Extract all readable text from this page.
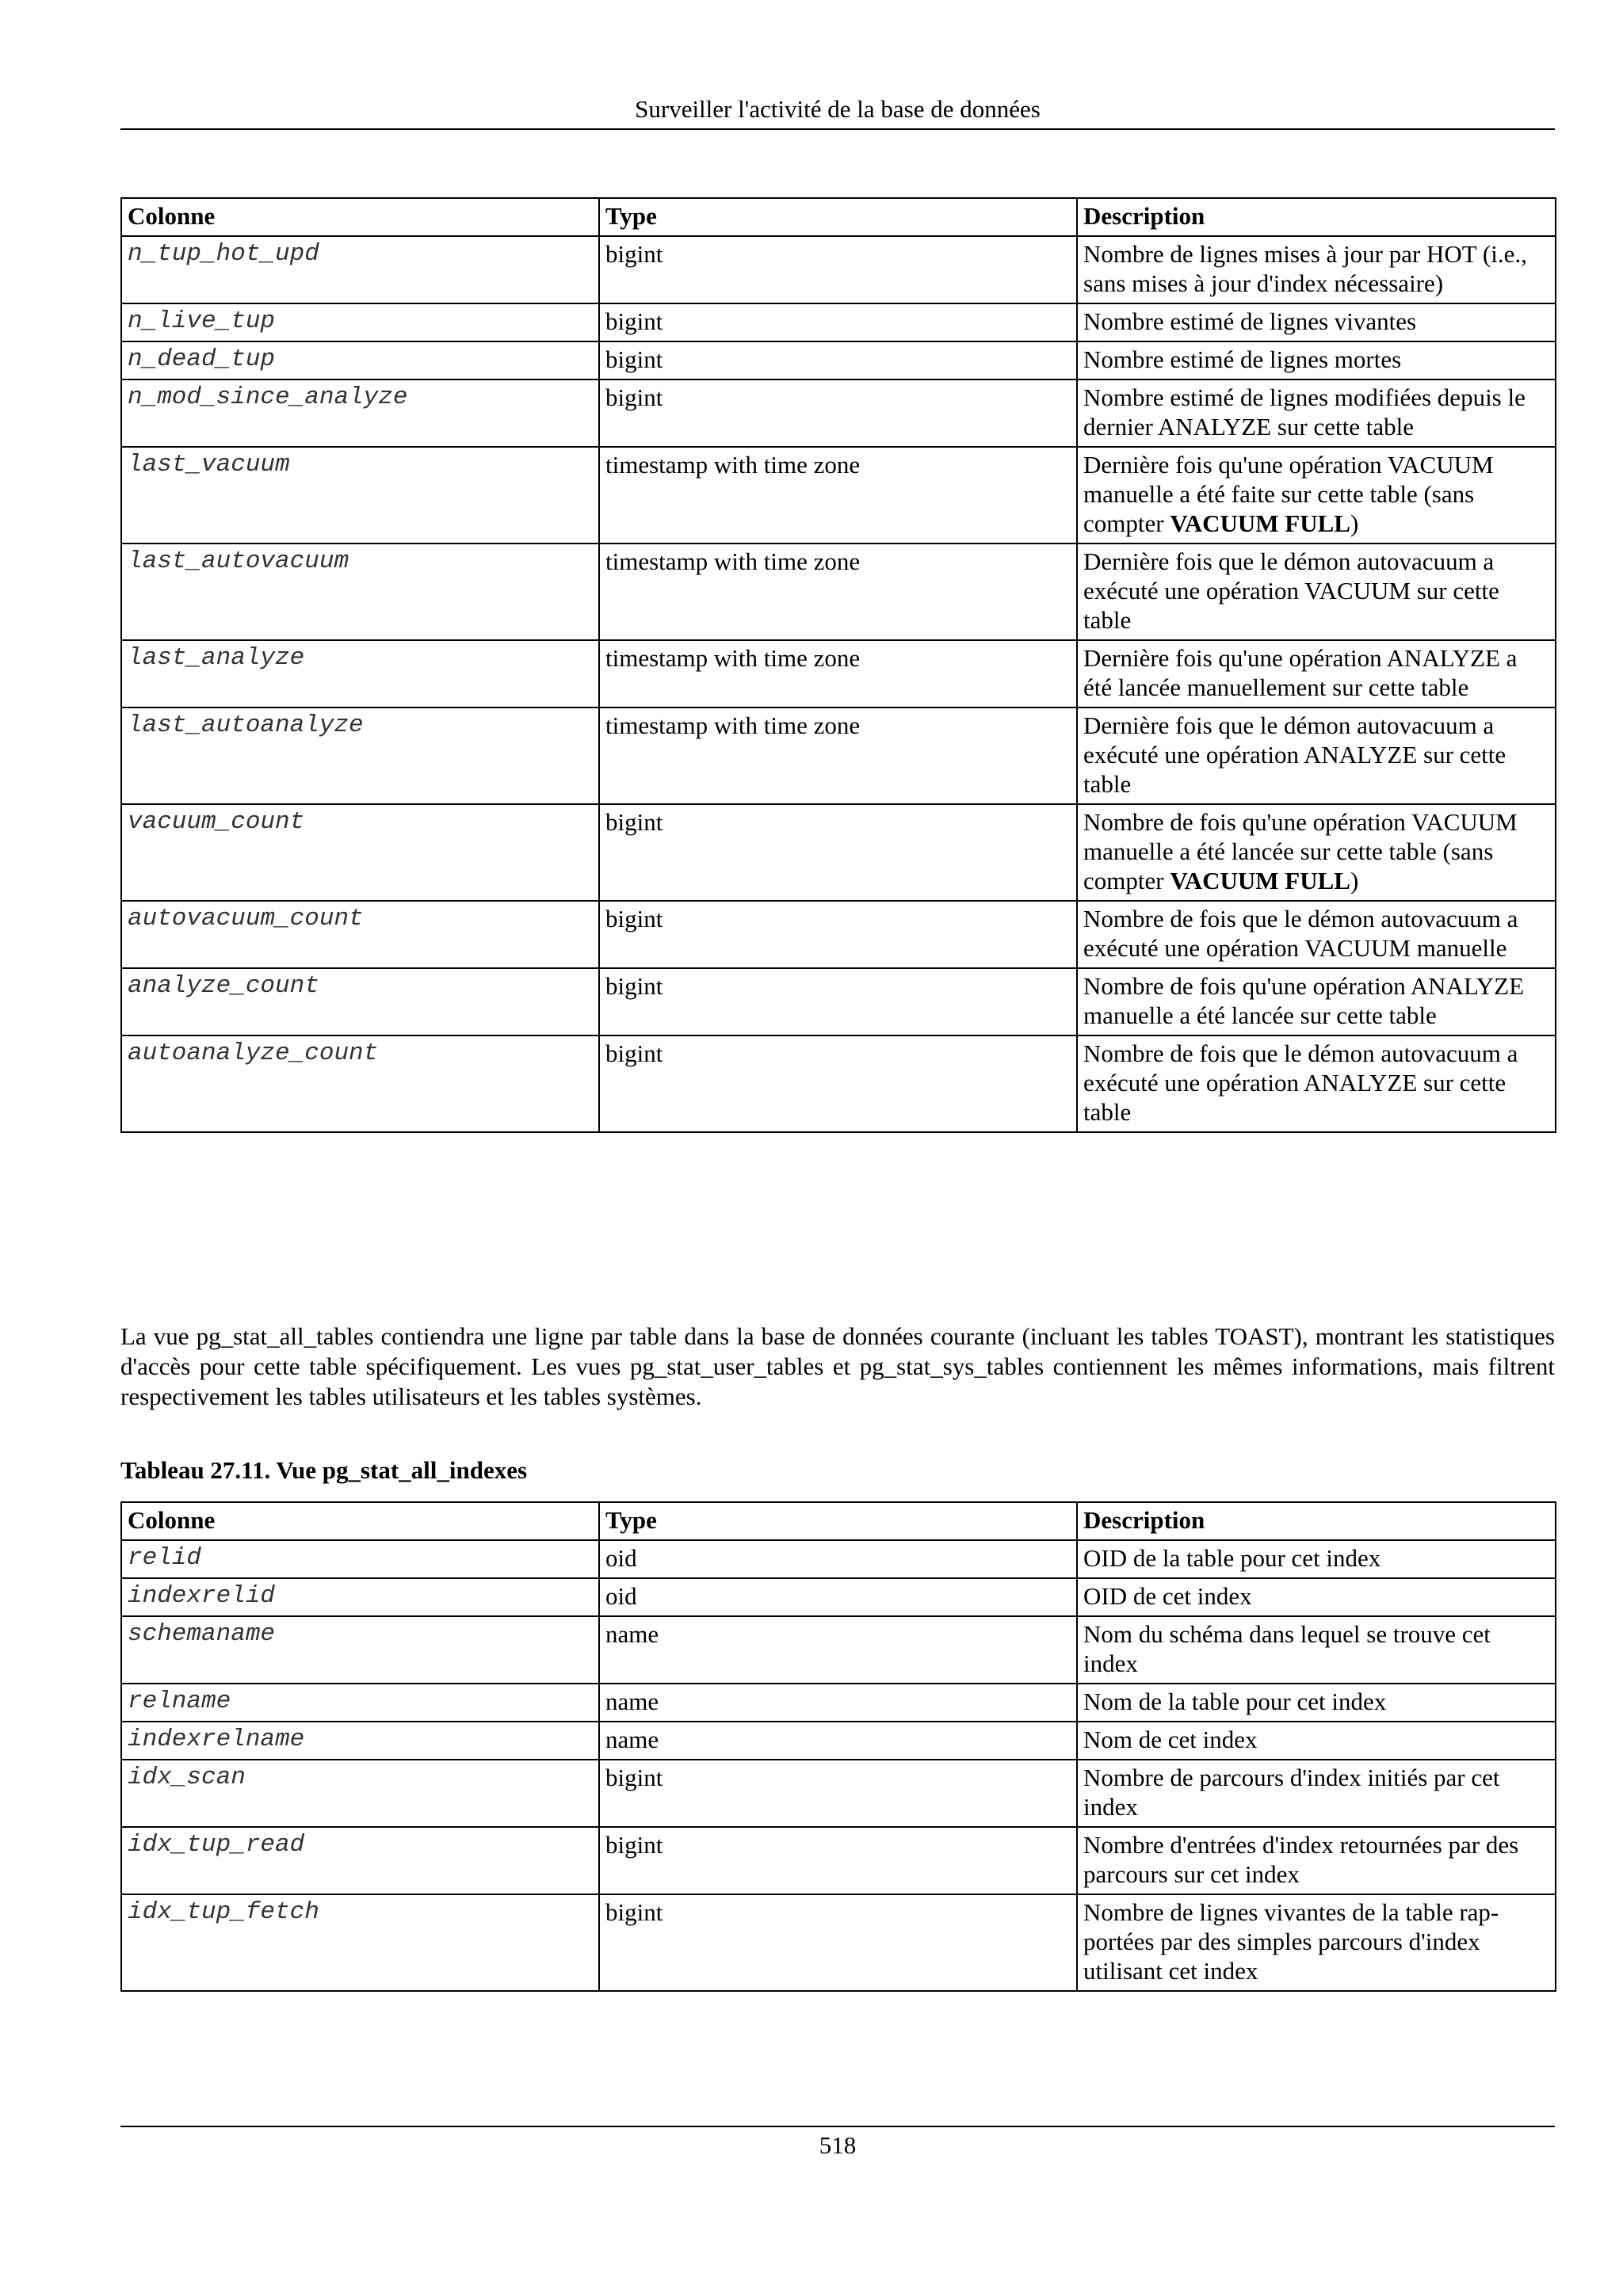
Surveiller l'activité de la base de données
Colonne	Type	Description
n_tup_hot_upd	bigint	Nombre de lignes mises à jour par HOT (i.e., sans mises à jour d'index nécessaire)
n_live_tup	bigint	Nombre estimé de lignes vivantes
n_dead_tup	bigint	Nombre estimé de lignes mortes
n_mod_since_analyze	bigint	Nombre estimé de lignes modifiées depuis le dernier ANALYZE sur cette table
last_vacuum	timestamp with time zone	Dernière fois qu'une opération VACUUM manuelle a été faite sur cette table (sans compter VACUUM FULL)
last_autovacuum	timestamp with time zone	Dernière fois que le démon autovacuum a exécuté une opération VACUUM sur cette table
last_analyze	timestamp with time zone	Dernière fois qu'une opération ANALYZE a été lancée manuellement sur cette table
last_autoanalyze	timestamp with time zone	Dernière fois que le démon autovacuum a exécuté une opération ANALYZE sur cette table
vacuum_count	bigint	Nombre de fois qu'une opération VACUUM manuelle a été lancée sur cette table (sans compter VACUUM FULL)
autovacuum_count	bigint	Nombre de fois que le démon autovacuum a exécuté une opération VACUUM manuelle
analyze_count	bigint	Nombre de fois qu'une opération ANALYZE manuelle a été lancée sur cette table
autoanalyze_count	bigint	Nombre de fois que le démon autovacuum a exécuté une opération ANALYZE sur cette table

La vue pg_stat_all_tables contiendra une ligne par table dans la base de données courante (incluant les tables TOAST), montrant les statistiques d'accès pour cette table spécifiquement. Les vues pg_stat_user_tables et pg_stat_sys_tables contiennent les mêmes informations, mais filtrent respectivement les tables utilisateurs et les tables systèmes.

Tableau 27.11. Vue pg_stat_all_indexes

Colonne	Type	Description
relid	oid	OID de la table pour cet index
indexrelid	oid	OID de cet index
schemaname	name	Nom du schéma dans lequel se trouve cet index
relname	name	Nom de la table pour cet index
indexrelname	name	Nom de cet index
idx_scan	bigint	Nombre de parcours d'index initiés par cet index
idx_tup_read	bigint	Nombre d'entrées d'index retournées par des parcours sur cet index
idx_tup_fetch	bigint	Nombre de lignes vivantes de la table rapportées par des simples parcours d'index utilisant cet index
518
